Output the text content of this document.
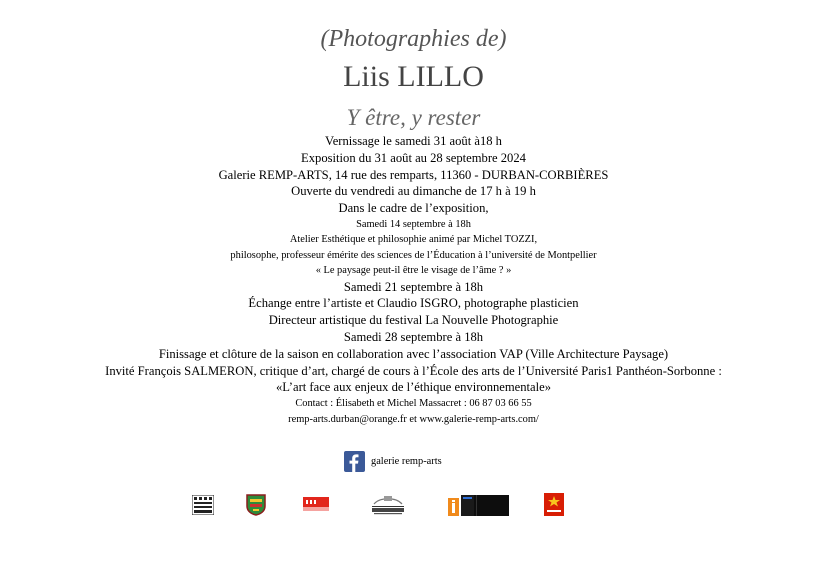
(Photographies de)
Liis LILLO
Y être, y rester
Vernissage le samedi 31 août à18 h
Exposition du 31 août au 28 septembre 2024
Galerie REMP-ARTS, 14 rue des remparts, 11360 - DURBAN-CORBIÈRES
Ouverte du vendredi au dimanche de 17 h à 19 h
Dans le cadre de l’exposition,
Samedi 14 septembre à 18h
Atelier Esthétique et philosophie animé par Michel TOZZI,
philosophe, professeur émérite des sciences de l’Éducation à l’université de Montpellier
« Le paysage peut-il être le visage de l’âme ? »
Samedi 21 septembre à 18h
Échange entre l’artiste et Claudio ISGRO, photographe plasticien
Directeur artistique du festival La Nouvelle Photographie
Samedi 28 septembre à 18h
Finissage et clôture de la saison en collaboration avec l’association VAP (Ville Architecture Paysage)
Invité François SALMERON, critique d’art, chargé de cours à l’École des arts de l’Université Paris1 Panthéon-Sorbonne :
«L’art face aux enjeux de l’éthique environnementale»
Contact : Élisabeth et Michel Massacret : 06 87 03 66 55
remp-arts.durban@orange.fr et www.galerie-remp-arts.com/
galerie remp-arts
